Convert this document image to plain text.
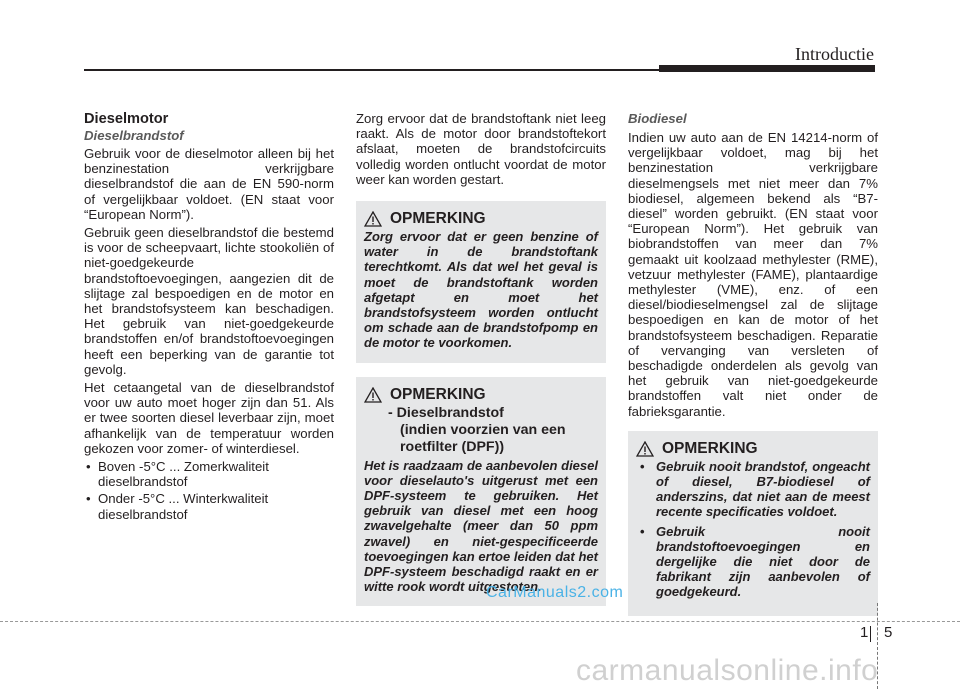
Introductie
Dieselmotor
Dieselbrandstof

Gebruik voor de dieselmotor alleen bij het benzinestation verkrijgbare dieselbrandstof die aan de EN 590-norm of vergelijkbaar voldoet. (EN staat voor “European Norm”).

Gebruik geen dieselbrandstof die bestemd is voor de scheepvaart, lichte stookoliën of niet-goedgekeurde brandstoftoevoegingen, aangezien dit de slijtage zal bespoedigen en de motor en het brandstofsysteem kan beschadigen. Het gebruik van niet-goedgekeurde brandstoffen en/of brandstoftoevoegingen heeft een beperking van de garantie tot gevolg.

Het cetaangetal van de dieselbrandstof voor uw auto moet hoger zijn dan 51. Als er twee soorten diesel leverbaar zijn, moet afhankelijk van de temperatuur worden gekozen voor zomer- of winterdiesel.

• Boven -5°C ... Zomerkwaliteit dieselbrandstof
• Onder -5°C ... Winterkwaliteit dieselbrandstof

Zorg ervoor dat de brandstoftank niet leeg raakt. Als de motor door brandstoftekort afslaat, moeten de brandstofcircuits volledig worden ontlucht voordat de motor weer kan worden gestart.

OPMERKING
Zorg ervoor dat er geen benzine of water in de brandstoftank terechtkomt. Als dat wel het geval is moet de brandstoftank worden afgetapt en moet het brandstofsysteem worden ontlucht om schade aan de brandstofpomp en de motor te voorkomen.
OPMERKING
- Dieselbrandstof
(indien voorzien van een roetfilter (DPF))
Het is raadzaam de aanbevolen diesel voor dieselauto's uitgerust met een DPF-systeem te gebruiken. Het gebruik van diesel met een hoog zwavelgehalte (meer dan 50 ppm zwavel) en niet-gespecificeerde toevoegingen kan ertoe leiden dat het DPF-systeem beschadigd raakt en er witte rook wordt uitgestoten.
Biodiesel

Indien uw auto aan de EN 14214-norm of vergelijkbaar voldoet, mag bij het benzinestation verkrijgbare dieselmengsels met niet meer dan 7% biodiesel, algemeen bekend als “B7-diesel” worden gebruikt. (EN staat voor “European Norm”). Het gebruik van biobrandstoffen van meer dan 7% gemaakt uit koolzaad methylester (RME), vetzuur methylester (FAME), plantaardige methylester (VME), enz. of een diesel/biodieselmengsel zal de slijtage bespoedigen en kan de motor of het brandstofsysteem beschadigen. Reparatie of vervanging van versleten of beschadigde onderdelen als gevolg van het gebruik van niet-goedgekeurde brandstoffen valt niet onder de fabrieksgarantie.

OPMERKING
• Gebruik nooit brandstof, ongeacht of diesel, B7-biodiesel of anderszins, dat niet aan de meest recente specificaties voldoet.
• Gebruik nooit brandstoftoevoegingen en dergelijke die niet door de fabrikant zijn aanbevolen of goedgekeurd.
CarManuals2.com
1 5
carmanualsonline.info
